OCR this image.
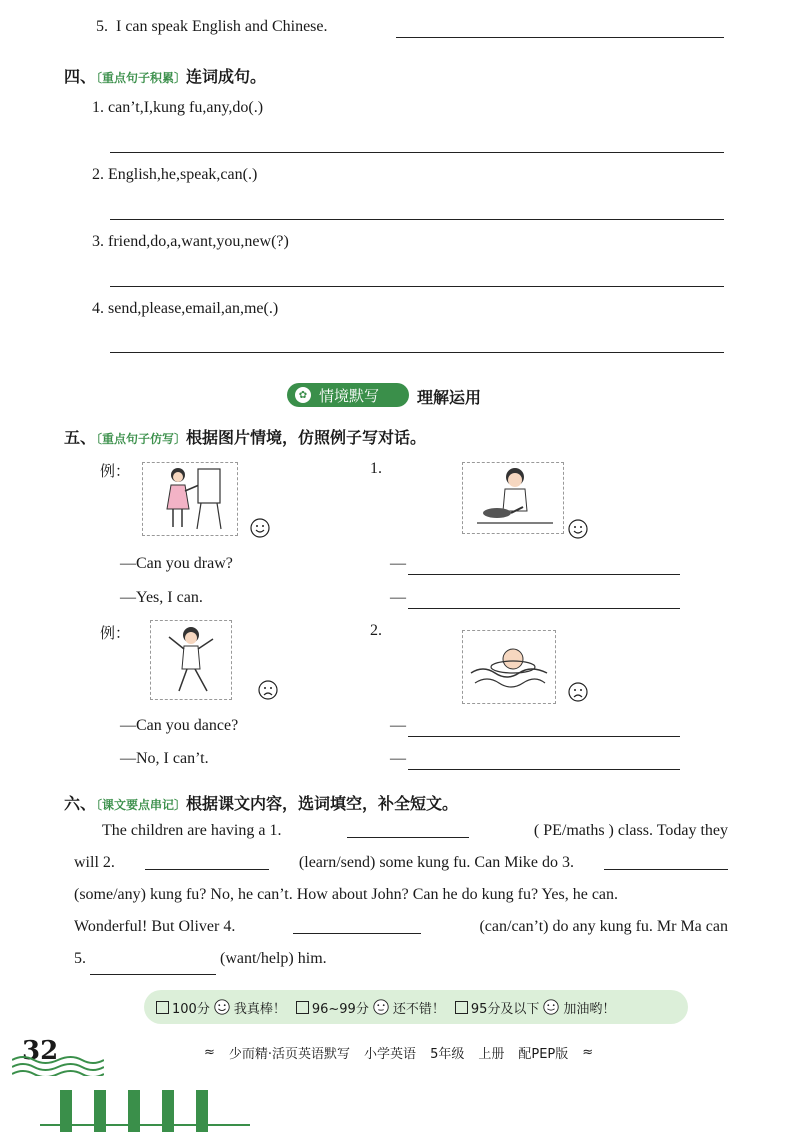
5. I can speak English and Chinese.
四、〔重点句子积累〕连词成句。
1. can’t,I,kung fu,any,do(.)
2. English,he,speak,can(.)
3. friend,do,a,want,you,new(?)
4. send,please,email,an,me(.)
✿ 情境默写 理解运用
五、〔重点句子仿写〕根据图片情境，仿照例子写对话。
例：	1.
—Can you draw?
—Yes, I can.
—
—
例：	2.
—Can you dance?
—No, I can’t.
—
—
六、〔课文要点串记〕根据课文内容，选词填空，补全短文。
The children are having a 1.	( PE/maths ) class. Today they
will 2.	(learn/send) some kung fu. Can Mike do 3.
(some/any) kung fu? No, he can’t. How about John? Can he do kung fu? Yes, he can.
Wonderful! But Oliver 4.	(can/can’t) do any kung fu. Mr Ma can
5.	(want/help) him.
100分 我真棒！ 96~99分 还不错！ 95分及以下 加油哟！
32	≈ 少而精·活页英语默写 小学英语 5年级 上册 配PEP版 ≈
